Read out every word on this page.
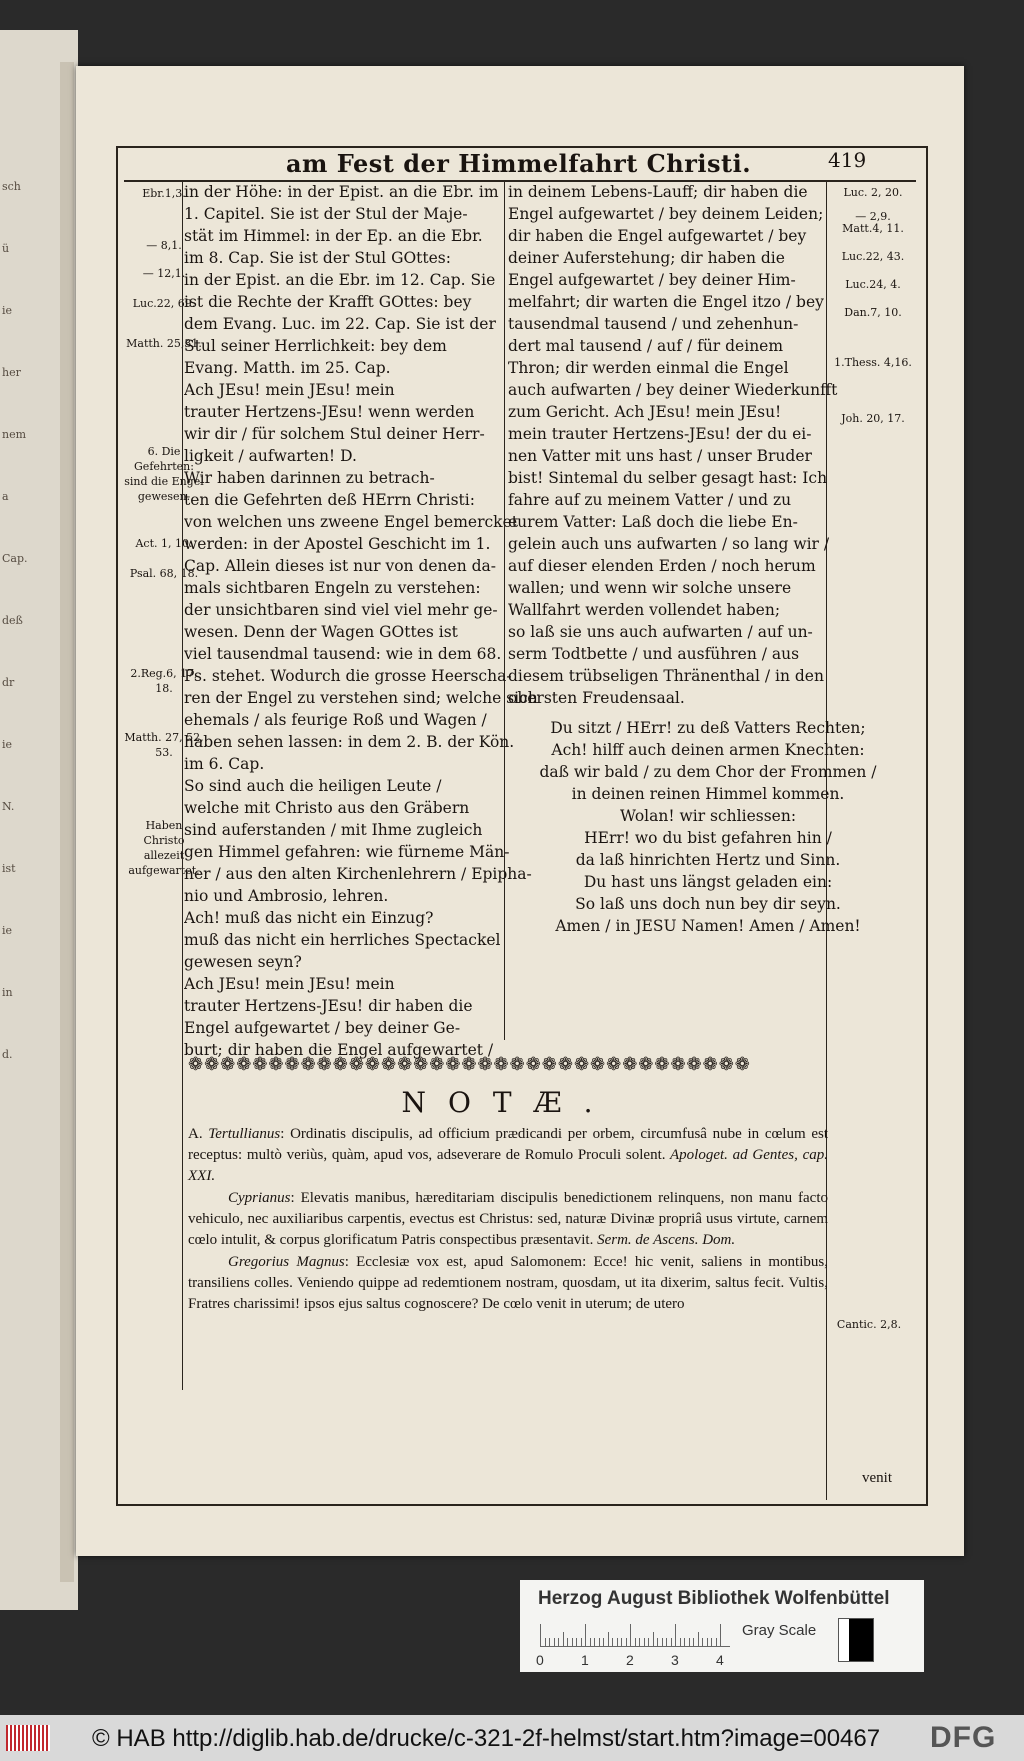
sch
ü
ie
her
nem
a
Cap.
deß
dr
ie
N.
ist
ie
in
d.
am Fest der Himmelfahrt Christi.	419
Ebr.1,3.
— 8,1.
— 12,1.
Luc.22, 69.
Matth. 25,31.
6. Die Gefehrten: sind die Engel gewesen.
Act. 1, 10.
Psal. 68, 18.
2.Reg.6, 17, 18.
Matth. 27, 52, 53.
Haben Christo allezeit aufgewartet.
Luc. 2, 20.
— 2,9.
Matt.4, 11.
Luc.22, 43.
Luc.24, 4.
Dan.7, 10.
1.Thess. 4,16.
Joh. 20, 17.

in der Höhe: in der Epist. an die Ebr. im

1. Capitel. Sie ist der Stul der Maje-

stät im Himmel: in der Ep. an die Ebr.

im 8. Cap. Sie ist der Stul GOttes:

in der Epist. an die Ebr. im 12. Cap. Sie

ist die Rechte der Krafft GOttes: bey

dem Evang. Luc. im 22. Cap. Sie ist der

Stul seiner Herrlichkeit: bey dem

Evang. Matth. im 25. Cap.

Ach JEsu! mein JEsu! mein

trauter Hertzens-JEsu! wenn werden

wir dir / für solchem Stul deiner Herr-

ligkeit / aufwarten! D.

Wir haben darinnen zu betrach-

ten die Gefehrten deß HErrn Christi:

von welchen uns zweene Engel bemercket

werden: in der Apostel Geschicht im 1.

Cap. Allein dieses ist nur von denen da-

mals sichtbaren Engeln zu verstehen:

der unsichtbaren sind viel viel mehr ge-

wesen. Denn der Wagen GOttes ist

viel tausendmal tausend: wie in dem 68.

Ps. stehet. Wodurch die grosse Heerscha-

ren der Engel zu verstehen sind; welche sich

ehemals / als feurige Roß und Wagen /

haben sehen lassen: in dem 2. B. der Kön.

im 6. Cap.

So sind auch die heiligen Leute /

welche mit Christo aus den Gräbern

sind auferstanden / mit Ihme zugleich

gen Himmel gefahren: wie fürneme Män-

ner / aus den alten Kirchenlehrern / Epipha-

nio und Ambrosio, lehren.

Ach! muß das nicht ein Einzug?

muß das nicht ein herrliches Spectackel

gewesen seyn?

Ach JEsu! mein JEsu! mein

trauter Hertzens-JEsu! dir haben die

Engel aufgewartet / bey deiner Ge-

burt; dir haben die Engel aufgewartet /

in deinem Lebens-Lauff; dir haben die

Engel aufgewartet / bey deinem Leiden;

dir haben die Engel aufgewartet / bey

deiner Auferstehung; dir haben die

Engel aufgewartet / bey deiner Him-

melfahrt; dir warten die Engel itzo / bey

tausendmal tausend / und zehenhun-

dert mal tausend / auf / für deinem

Thron; dir werden einmal die Engel

auch aufwarten / bey deiner Wiederkunfft

zum Gericht. Ach JEsu! mein JEsu!

mein trauter Hertzens-JEsu! der du ei-

nen Vatter mit uns hast / unser Bruder

bist! Sintemal du selber gesagt hast: Ich

fahre auf zu meinem Vatter / und zu

eurem Vatter: Laß doch die liebe En-

gelein auch uns aufwarten / so lang wir /

auf dieser elenden Erden / noch herum

wallen; und wenn wir solche unsere

Wallfahrt werden vollendet haben;

so laß sie uns auch aufwarten / auf un-

serm Todtbette / und ausführen / aus

diesem trübseligen Thränenthal / in den

obersten Freudensaal.

Du sitzt / HErr! zu deß Vatters Rechten;

Ach! hilff auch deinen armen Knechten:

daß wir bald / zu dem Chor der Frommen /

in deinen reinen Himmel kommen.

Wolan! wir schliessen:

HErr! wo du bist gefahren hin /

da laß hinrichten Hertz und Sinn.

Du hast uns längst geladen ein:

So laß uns doch nun bey dir seyn.

Amen / in JESU Namen! Amen / Amen!

❁❁❁❁❁❁❁❁❁❁❁❁❁❁❁❁❁❁❁❁❁❁❁❁❁❁❁❁❁❁❁❁❁❁❁
NOTÆ.

A. Tertullianus: Ordinatis discipulis, ad officium prædicandi per orbem, circumfusâ nube in cœlum est receptus: multò veriùs, quàm, apud vos, adseverare de Romulo Proculi solent. Apologet. ad Gentes, cap. XXI.

Cyprianus: Elevatis manibus, hæreditariam discipulis benedictionem relinquens, non manu facto vehiculo, nec auxiliaribus carpentis, evectus est Christus: sed, naturæ Divinæ propriâ usus virtute, carnem cœlo intulit, & corpus glorificatum Patris conspectibus præsentavit. Serm. de Ascens. Dom.

Gregorius Magnus: Ecclesiæ vox est, apud Salomonem: Ecce! hic venit, saliens in montibus, transiliens colles. Veniendo quippe ad redemtionem nostram, quosdam, ut ita dixerim, saltus fecit. Vultis, Fratres charissimi! ipsos ejus saltus cognoscere? De cœlo venit in uterum; de utero

Cantic. 2,8.
venit
Herzog August Bibliothek Wolfenbüttel
0	1	2	3	4
Gray Scale
© HAB http://diglib.hab.de/drucke/c-321-2f-helmst/start.htm?image=00467 DFG
